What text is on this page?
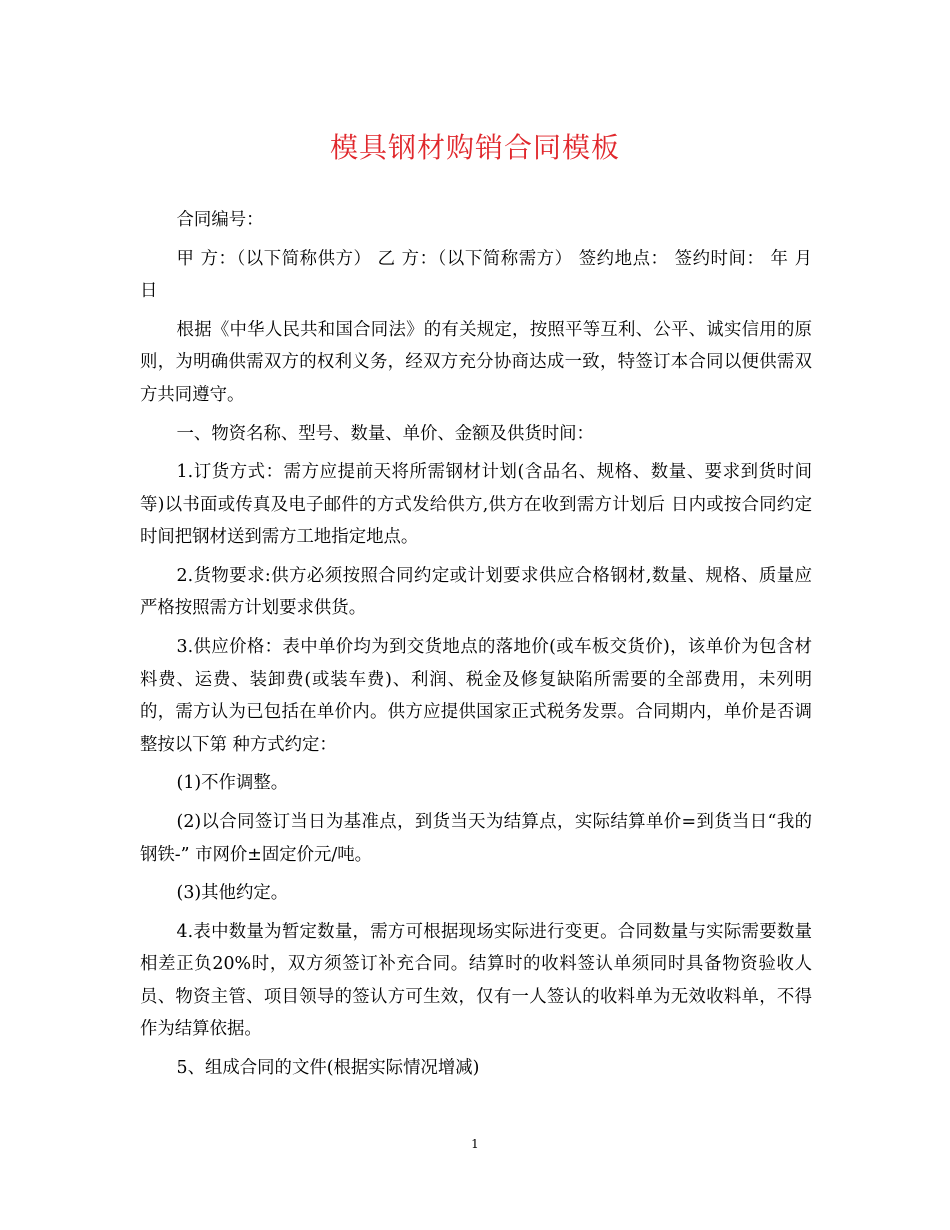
模具钢材购销合同模板

合同编号：

甲 方：（以下简称供方） 乙 方：（以下简称需方） 签约地点： 签约时间： 年 月 日

根据《中华人民共和国合同法》的有关规定，按照平等互利、公平、诚实信用的原则，为明确供需双方的权利义务，经双方充分协商达成一致，特签订本合同以便供需双方共同遵守。

一、物资名称、型号、数量、单价、金额及供货时间：

1.订货方式：需方应提前天将所需钢材计划(含品名、规格、数量、要求到货时间等)以书面或传真及电子邮件的方式发给供方,供方在收到需方计划后 日内或按合同约定时间把钢材送到需方工地指定地点。

2.货物要求:供方必须按照合同约定或计划要求供应合格钢材,数量、规格、质量应严格按照需方计划要求供货。

3.供应价格：表中单价均为到交货地点的落地价(或车板交货价)，该单价为包含材料费、运费、装卸费(或装车费)、利润、税金及修复缺陷所需要的全部费用，未列明的，需方认为已包括在单价内。供方应提供国家正式税务发票。合同期内，单价是否调整按以下第 种方式约定：

(1)不作调整。

(2)以合同签订当日为基准点，到货当天为结算点，实际结算单价=到货当日“我的钢铁-” 市网价±固定价元/吨。

(3)其他约定。

4.表中数量为暂定数量，需方可根据现场实际进行变更。合同数量与实际需要数量相差正负20%时，双方须签订补充合同。结算时的收料签认单须同时具备物资验收人员、物资主管、项目领导的签认方可生效，仅有一人签认的收料单为无效收料单，不得作为结算依据。

5、组成合同的文件(根据实际情况增减)

1
